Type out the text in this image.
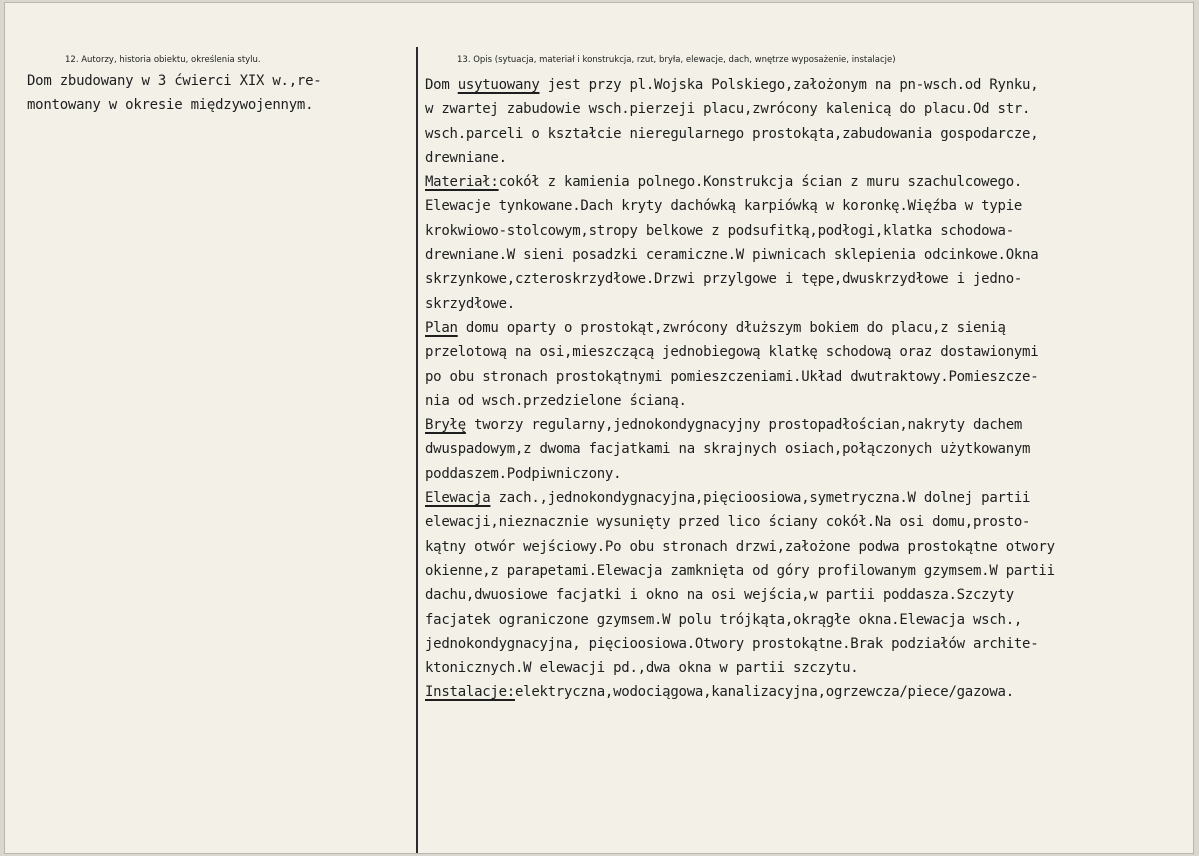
12. Autorzy, historia obiektu, określenia stylu.
Dom zbudowany w 3 ćwierci XIX w.,re-
montowany w okresie międzywojennym.
13. Opis (sytuacja, materiał i konstrukcja, rzut, bryła, elewacje, dach, wnętrze wyposażenie, instalacje)
Dom usytuowany jest przy pl.Wojska Polskiego,założonym na pn-wsch.od Rynku,
w zwartej zabudowie wsch.pierzeji placu,zwrócony kalenicą do placu.Od str.
wsch.parceli o kształcie nieregularnego prostokąta,zabudowania gospodarcze,
drewniane.
Materiał:cokół z kamienia polnego.Konstrukcja ścian z muru szachulcowego.
Elewacje tynkowane.Dach kryty dachówką karpiówką w koronkę.Więźba w typie
krokwiowo-stolcowym,stropy belkowe z podsufitką,podłogi,klatka schodowa-
drewniane.W sieni posadzki ceramiczne.W piwnicach sklepienia odcinkowe.Okna
skrzynkowe,czteroskrzydłowe.Drzwi przylgowe i tępe,dwuskrzydłowe i jedno-
skrzydłowe.
Plan domu oparty o prostokąt,zwrócony dłuższym bokiem do placu,z sienią
przelotową na osi,mieszczącą jednobiegową klatkę schodową oraz dostawionymi
po obu stronach prostokątnymi pomieszczeniami.Układ dwutraktowy.Pomieszcze-
nia od wsch.przedzielone ścianą.
Bryłę tworzy regularny,jednokondygnacyjny prostopadłościan,nakryty dachem
dwuspadowym,z dwoma facjatkami na skrajnych osiach,połączonych użytkowanym
poddaszem.Podpiwniczony.
Elewacja zach.,jednokondygnacyjna,pięcioosiowa,symetryczna.W dolnej partii
elewacji,nieznacznie wysunięty przed lico ściany cokół.Na osi domu,prosto-
kątny otwór wejściowy.Po obu stronach drzwi,założone podwa prostokątne otwory
okienne,z parapetami.Elewacja zamknięta od góry profilowanym gzymsem.W partii
dachu,dwuosiowe facjatki i okno na osi wejścia,w partii poddasza.Szczyty
facjatek ograniczone gzymsem.W polu trójkąta,okrągłe okna.Elewacja wsch.,
jednokondygnacyjna, pięcioosiowa.Otwory prostokątne.Brak podziałów archite-
ktonicznych.W elewacji pd.,dwa okna w partii szczytu.
Instalacje:elektryczna,wodociągowa,kanalizacyjna,ogrzewcza/piece/gazowa.
